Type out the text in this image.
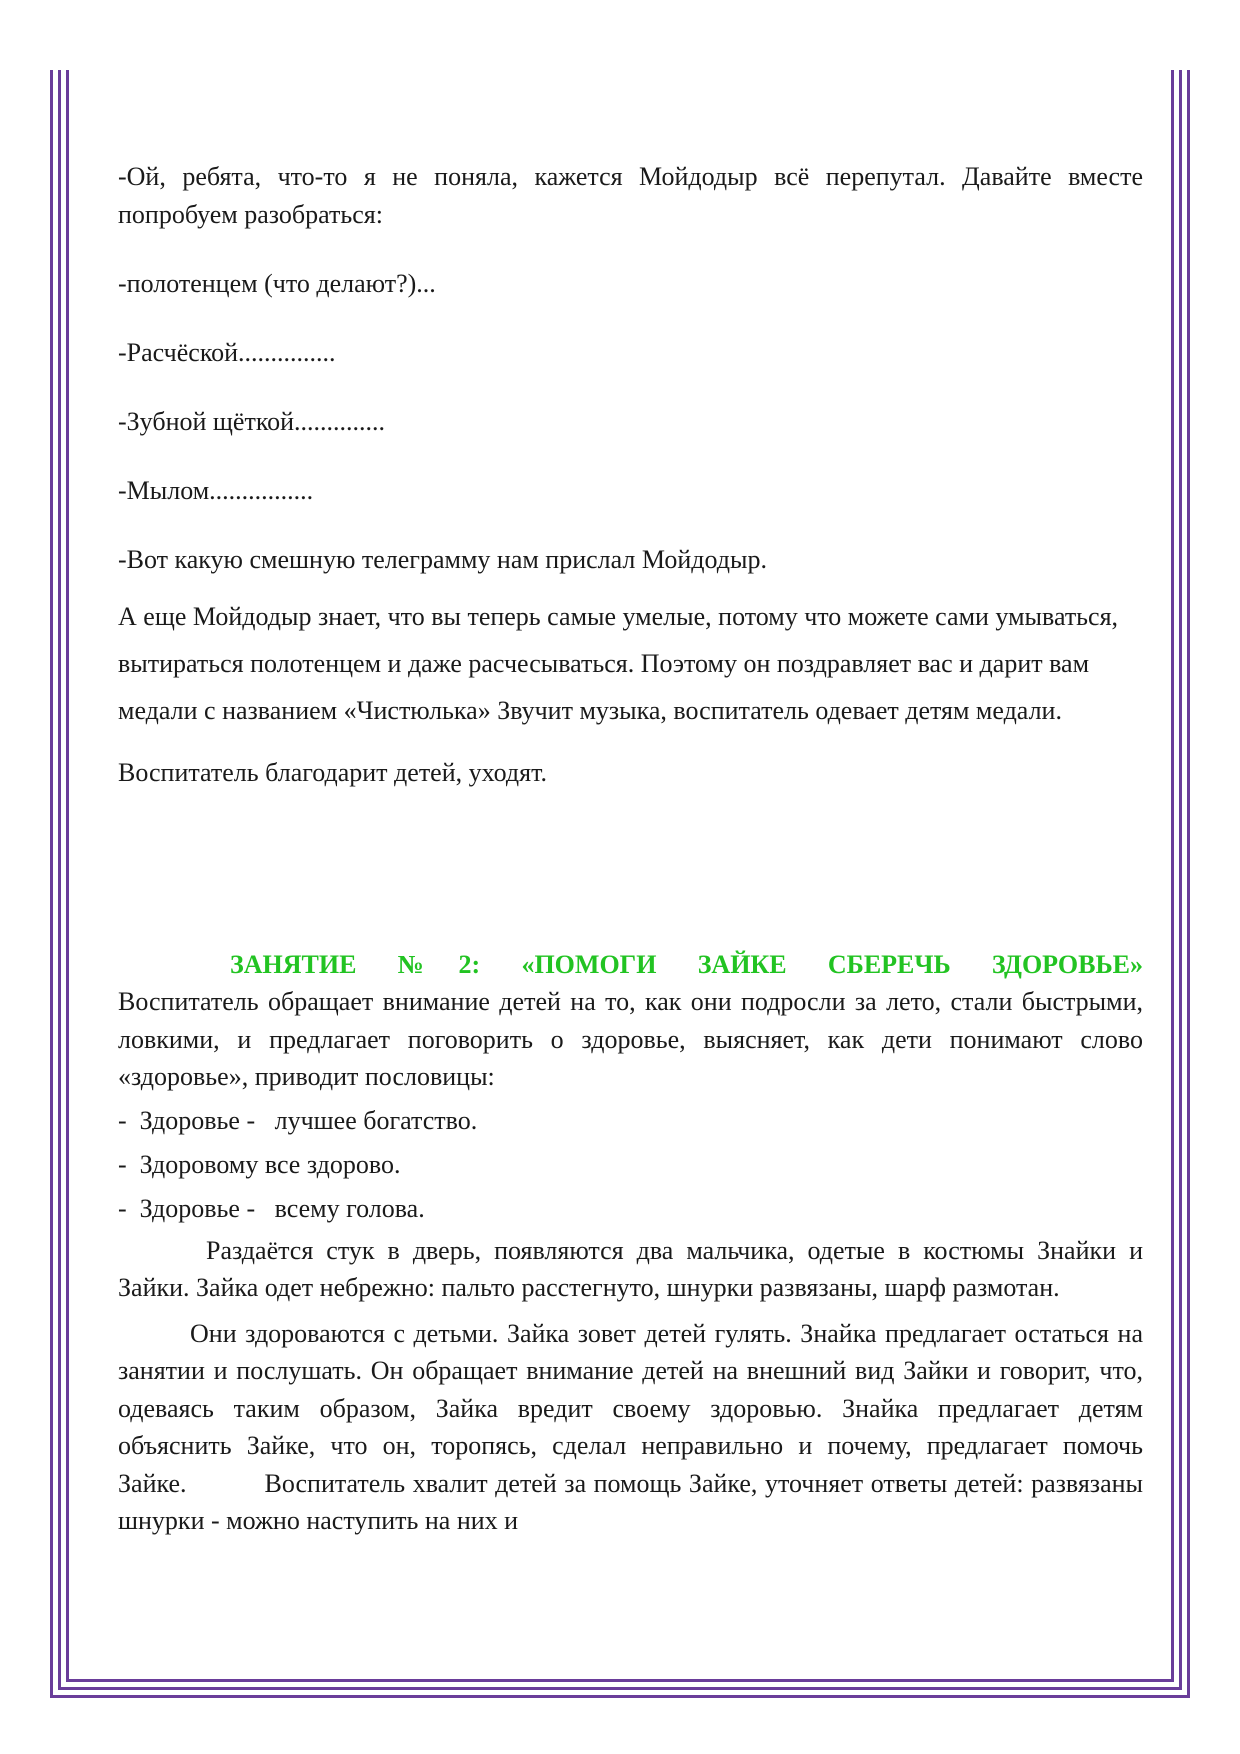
-Ой, ребята, что-то я не поняла, кажется Мойдодыр всё перепутал. Давайте вместе попробуем разобраться:

-полотенцем (что делают?)...

-Расчёской...............

-Зубной щёткой..............

-Мылом................

-Вот какую смешную телеграмму нам прислал Мойдодыр.

А еще Мойдодыр знает, что вы теперь самые умелые, потому что можете сами умываться, вытираться полотенцем и даже расчесываться. Поэтому он поздравляет вас и дарит вам медали с названием «Чистюлька» Звучит музыка, воспитатель одевает детям медали.

Воспитатель благодарит детей, уходят.

ЗАНЯТИЕ №2: «ПОМОГИ ЗАЙКЕ СБЕРЕЧЬ ЗДОРОВЬЕ»

Воспитатель обращает внимание детей на то, как они подросли за лето, стали быстрыми, ловкими, и предлагает поговорить о здоровье, выясняет, как дети понимают слово «здоровье», приводит пословицы:

-  Здоровье -   лучшее богатство.

-  Здоровому все здорово.

-  Здоровье -   всему голова.

Раздаётся стук в дверь, появляются два мальчика, одетые в костюмы Знайки и Зайки. Зайка одет небрежно: пальто расстегнуто, шнурки развязаны, шарф размотан.

Они здороваются с детьми. Зайка зовет детей гулять. Знайка предлагает остаться на занятии и послушать. Он обращает внимание детей на внешний вид Зайки и говорит, что, одеваясь таким образом, Зайка вредит своему здоровью. Знайка предлагает детям объяснить Зайке, что он, торопясь, сделал неправильно и почему, предлагает помочь Зайке.   	Воспитатель хвалит детей за помощь Зайке, уточняет ответы детей: развязаны шнурки - можно наступить на них и
